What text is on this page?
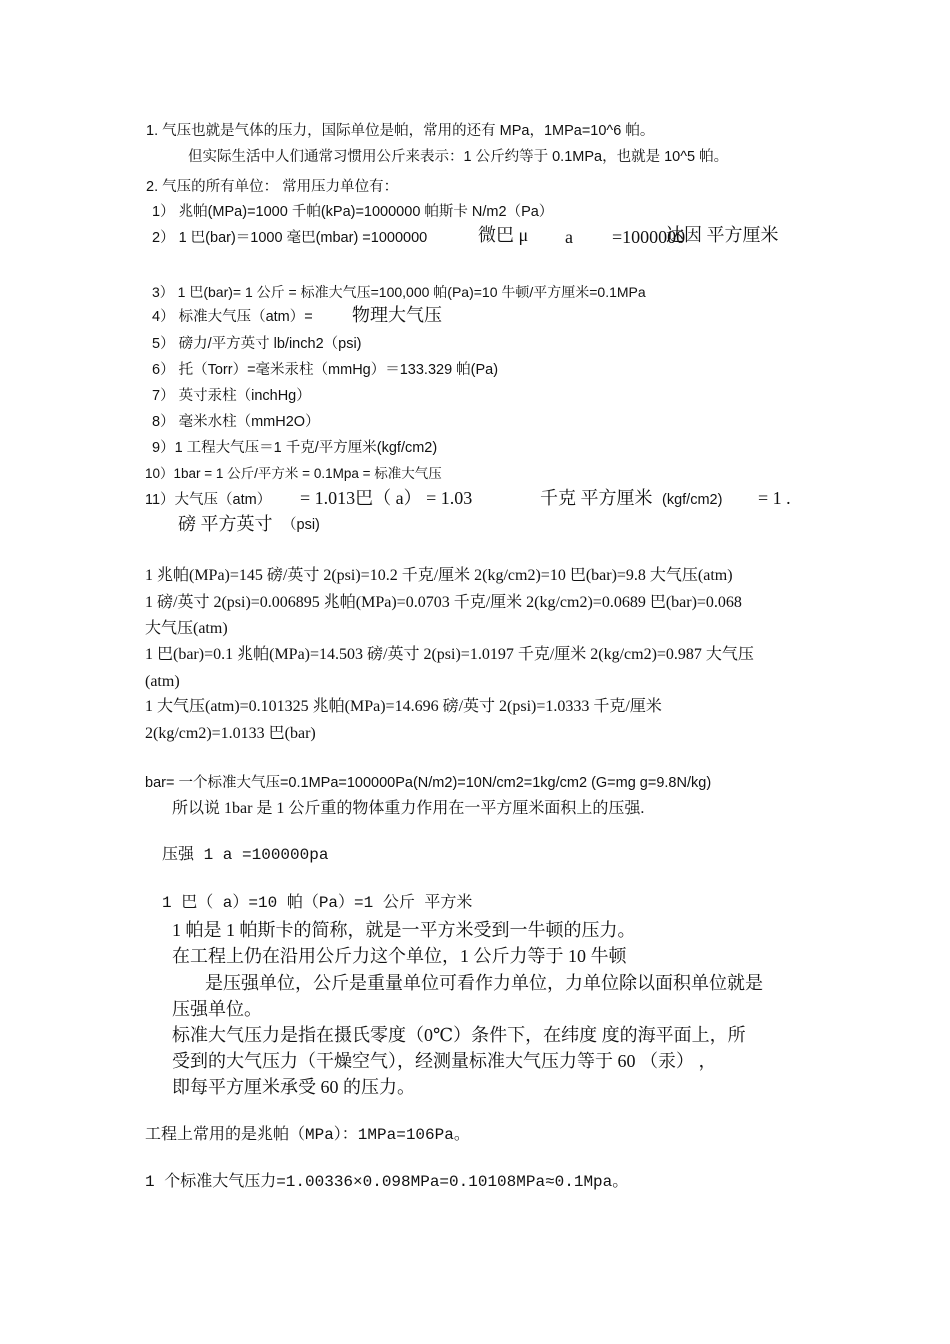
1. 气压也就是气体的压力，国际单位是帕，常用的还有 MPa，1MPa=10^6 帕。
但实际生活中人们通常习惯用公斤来表示：1 公斤约等于 0.1MPa，也就是 10^5 帕。
2. 气压的所有单位： 常用压力单位有：
1） 兆帕(MPa)=1000 千帕(kPa)=1000000 帕斯卡 N/m2（Pa）
2） 1 巴(bar)＝1000 毫巴(mbar) =1000000	微巴 μ a =1000000
达因 平方厘米
3） 1 巴(bar)= 1 公斤 = 标准大气压=100,000 帕(Pa)=10 牛顿/平方厘米=0.1MPa
4） 标准大气压（atm）= 物理大气压
5） 磅力/平方英寸 lb/inch2（psi)
6） 托（Torr）=毫米汞柱（mmHg）＝133.329 帕(Pa)
7） 英寸汞柱（inchHg）
8） 毫米水柱（mmH2O）
9）1 工程大气压＝1 千克/平方厘米(kgf/cm2)
10）1bar = 1 公斤/平方米 = 0.1Mpa = 标准大气压
11）大气压（atm） = 1.013巴（ a） = 1.03	千克 平方厘米 (kgf/cm2) = 1 .
磅 平方英寸 （psi)
1 兆帕(MPa)=145 磅/英寸 2(psi)=10.2 千克/厘米 2(kg/cm2)=10 巴(bar)=9.8 大气压(atm)
1 磅/英寸 2(psi)=0.006895 兆帕(MPa)=0.0703 千克/厘米 2(kg/cm2)=0.0689 巴(bar)=0.068
大气压(atm)
1 巴(bar)=0.1 兆帕(MPa)=14.503 磅/英寸 2(psi)=1.0197 千克/厘米 2(kg/cm2)=0.987 大气压
(atm)
1 大气压(atm)=0.101325 兆帕(MPa)=14.696 磅/英寸 2(psi)=1.0333 千克/厘米
2(kg/cm2)=1.0133 巴(bar)
bar= 一个标准大气压=0.1MPa=100000Pa(N/m2)=10N/cm2=1kg/cm2 (G=mg g=9.8N/kg)
所以说 1bar 是 1 公斤重的物体重力作用在一平方厘米面积上的压强.
压强 1 a =100000pa
1 巴（ a）=10 帕（Pa）=1 公斤 平方米
1 帕是 1 帕斯卡的简称，就是一平方米受到一牛顿的压力。
在工程上仍在沿用公斤力这个单位，1 公斤力等于 10 牛顿
是压强单位，公斤是重量单位可看作力单位，力单位除以面积单位就是
压强单位。
标准大气压力是指在摄氏零度（0℃）条件下，在纬度 度的海平面上，所
受到的大气压力（干燥空气），经测量标准大气压力等于 60 （汞） ，
即每平方厘米承受 60 的压力。
工程上常用的是兆帕（MPa）：1MPa=106Pa。
1 个标准大气压力=1.00336×0.098MPa=0.10108MPa≈0.1Mpa。
